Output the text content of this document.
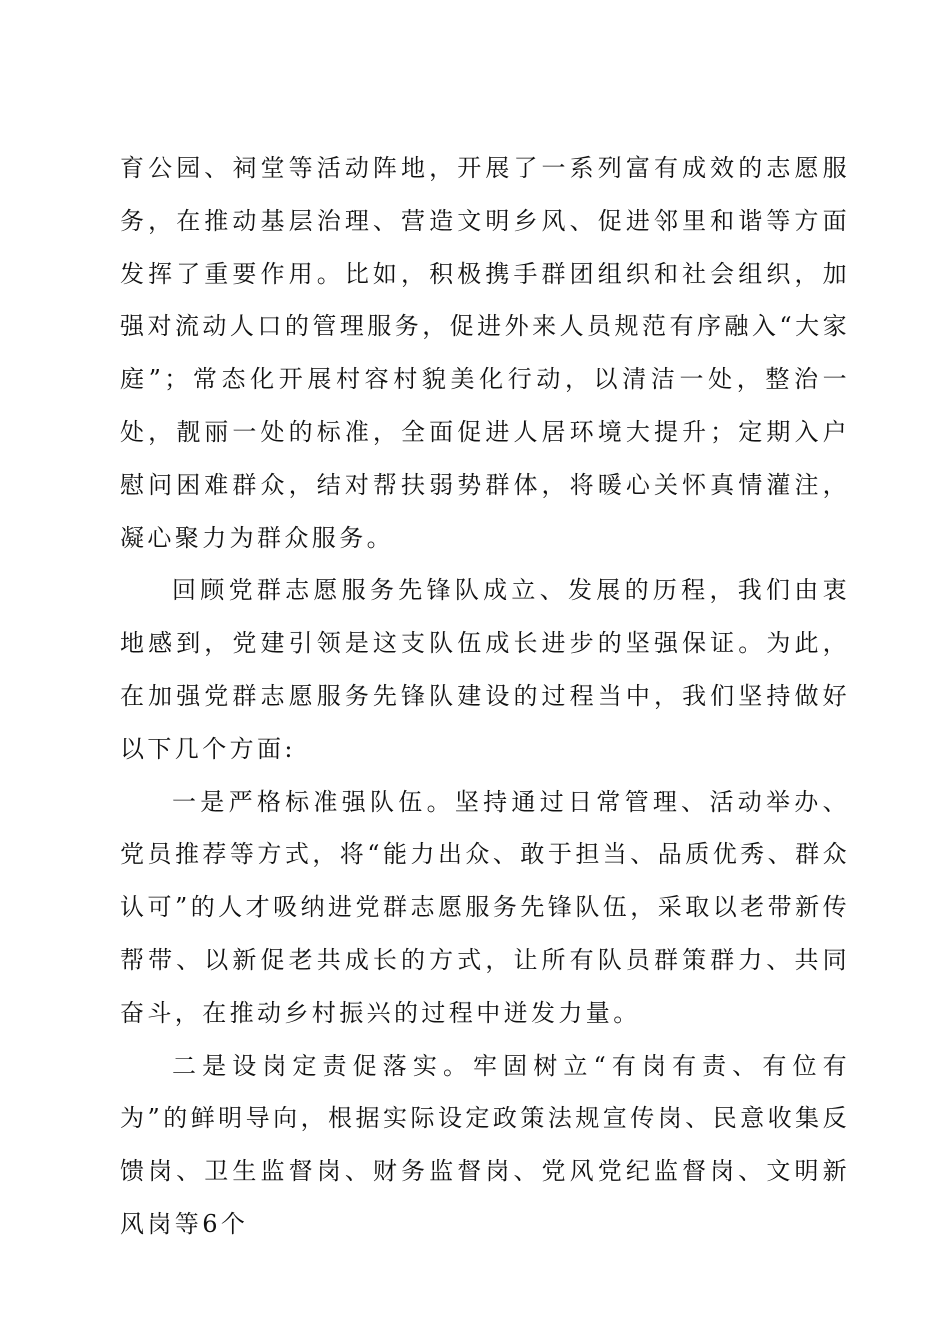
育公园、祠堂等活动阵地，开展了一系列富有成效的志愿服务，在推动基层治理、营造文明乡风、促进邻里和谐等方面发挥了重要作用。比如，积极携手群团组织和社会组织，加强对流动人口的管理服务，促进外来人员规范有序融入“大家庭”；常态化开展村容村貌美化行动，以清洁一处，整治一处，靓丽一处的标准，全面促进人居环境大提升；定期入户慰问困难群众，结对帮扶弱势群体，将暖心关怀真情灌注，凝心聚力为群众服务。

回顾党群志愿服务先锋队成立、发展的历程，我们由衷地感到，党建引领是这支队伍成长进步的坚强保证。为此，在加强党群志愿服务先锋队建设的过程当中，我们坚持做好以下几个方面:

一是严格标准强队伍。坚持通过日常管理、活动举办、党员推荐等方式，将“能力出众、敢于担当、品质优秀、群众认可”的人才吸纳进党群志愿服务先锋队伍，采取以老带新传帮带、以新促老共成长的方式，让所有队员群策群力、共同奋斗，在推动乡村振兴的过程中迸发力量。

二是设岗定责促落实。牢固树立“有岗有责、有位有为”的鲜明导向，根据实际设定政策法规宣传岗、民意收集反馈岗、卫生监督岗、财务监督岗、党风党纪监督岗、文明新风岗等6个
